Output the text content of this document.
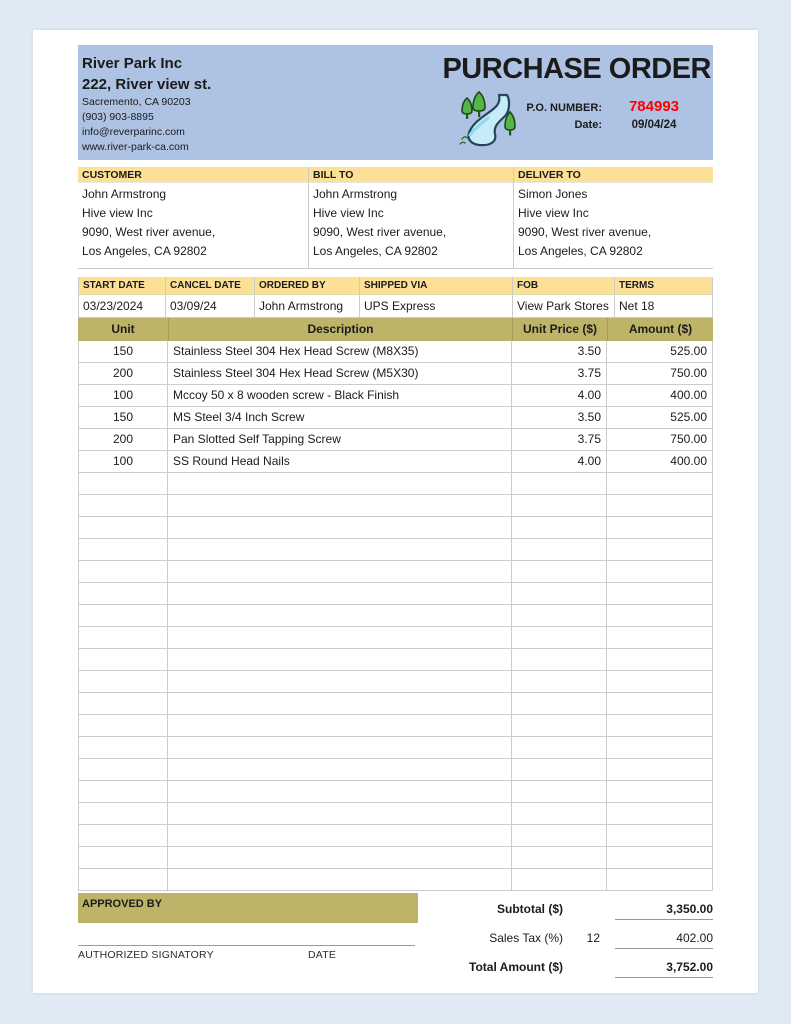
River Park Inc
222, River view st.
Sacremento, CA 90203
(903) 903-8895
info@reverparinc.com
www.river-park-ca.com
PURCHASE ORDER
P.O. NUMBER:	784993
Date:	09/04/24
CUSTOMER
John Armstrong
Hive view Inc
9090, West river avenue,
Los Angeles, CA 92802
BILL TO
John Armstrong
Hive view Inc
9090, West river avenue,
Los Angeles, CA 92802
DELIVER TO
Simon Jones
Hive view Inc
9090, West river avenue,
Los Angeles, CA 92802
START DATE
03/23/2024
CANCEL DATE
03/09/24
ORDERED BY
John Armstrong
SHIPPED VIA
UPS Express
FOB
View Park Stores
TERMS
Net 18
Unit	Description	Unit Price ($)	Amount ($)
150	Stainless Steel 304 Hex Head Screw (M8X35)	3.50	525.00
200	Stainless Steel 304 Hex Head Screw (M5X30)	3.75	750.00
100	Mccoy 50 x 8 wooden screw - Black Finish	4.00	400.00
150	MS Steel 3/4 Inch Screw	3.50	525.00
200	Pan Slotted Self Tapping Screw	3.75	750.00
100	SS Round Head Nails	4.00	400.00
APPROVED BY
AUTHORIZED SIGNATORY	DATE
Subtotal ($)	3,350.00
Sales Tax (%)	12	402.00
Total Amount ($)	3,752.00
